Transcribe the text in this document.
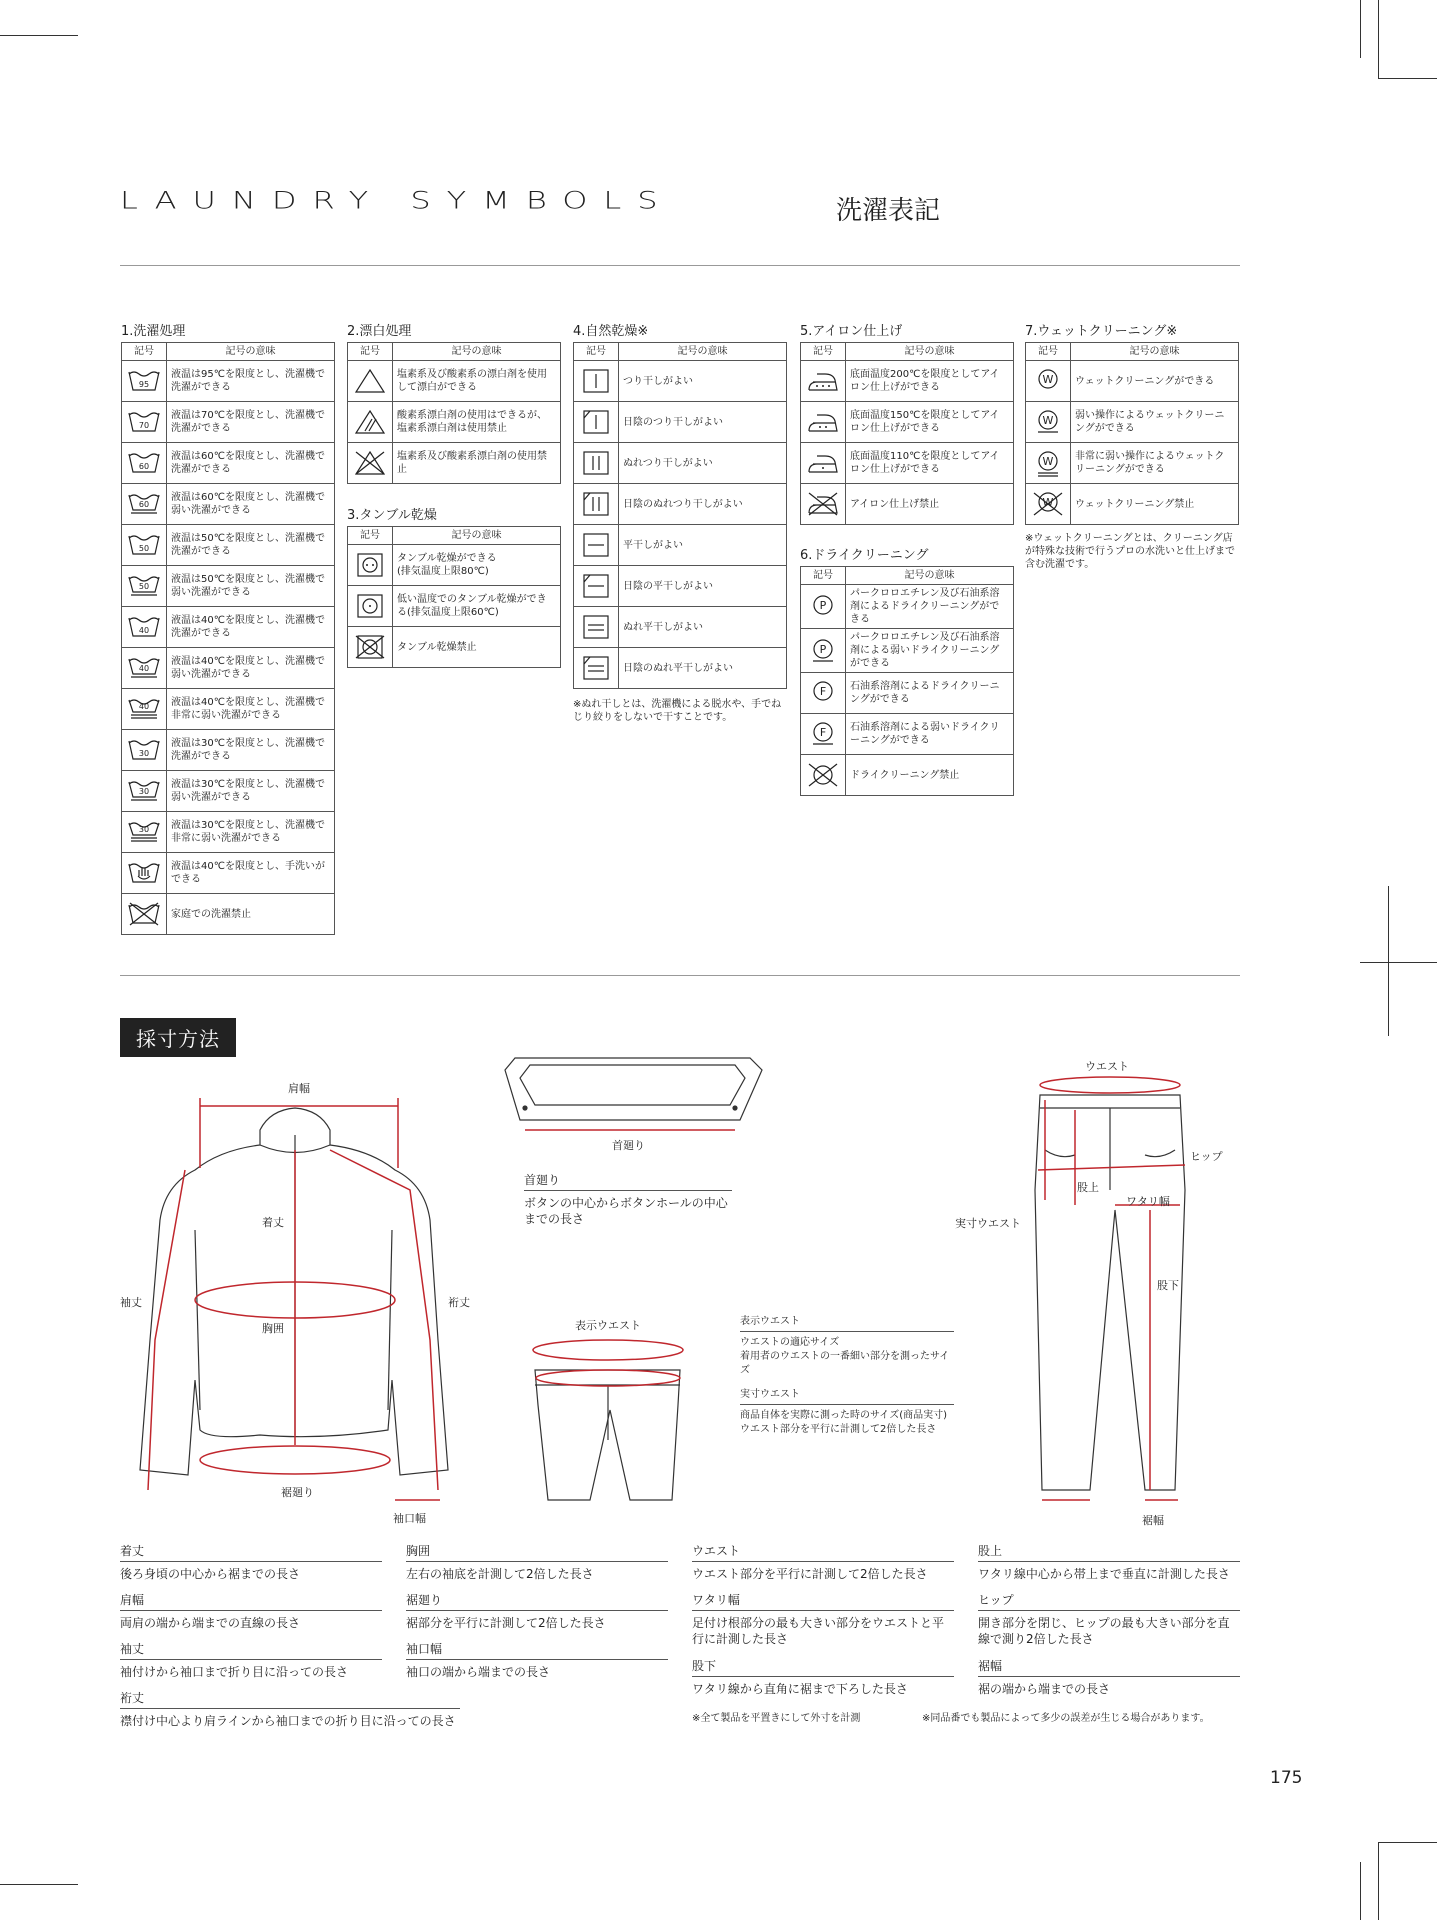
LAUNDRY SYMBOLS	洗濯表記
1.洗濯処理	2.漂白処理
3.タンブル乾燥
4.自然乾燥※	5.アイロン仕上げ
6.ドライクリーニング
7.ウェットクリーニング※
記号	記号の意味

95	液温は95℃を限度とし、洗濯機で洗濯ができる

70	液温は70℃を限度とし、洗濯機で洗濯ができる

60	液温は60℃を限度とし、洗濯機で洗濯ができる

60	液温は60℃を限度とし、洗濯機で弱い洗濯ができる

50	液温は50℃を限度とし、洗濯機で洗濯ができる

50	液温は50℃を限度とし、洗濯機で弱い洗濯ができる

40	液温は40℃を限度とし、洗濯機で洗濯ができる

40	液温は40℃を限度とし、洗濯機で弱い洗濯ができる

40	液温は40℃を限度とし、洗濯機で非常に弱い洗濯ができる

30	液温は30℃を限度とし、洗濯機で洗濯ができる

30	液温は30℃を限度とし、洗濯機で弱い洗濯ができる

30	液温は30℃を限度とし、洗濯機で非常に弱い洗濯ができる

	液温は40℃を限度とし、手洗いができる

	家庭での洗濯禁止
記号	記号の意味

	塩素系及び酸素系の漂白剤を使用して漂白ができる

	酸素系漂白剤の使用はできるが、塩素系漂白剤は使用禁止

	塩素系及び酸素系漂白剤の使用禁止
記号	記号の意味

	タンブル乾燥ができる
(排気温度上限80℃)

	低い温度でのタンブル乾燥ができる(排気温度上限60℃)

	タンブル乾燥禁止
記号	記号の意味

	つり干しがよい

	日陰のつり干しがよい

	ぬれつり干しがよい

	日陰のぬれつり干しがよい

	平干しがよい

	日陰の平干しがよい

	ぬれ平干しがよい

	日陰のぬれ平干しがよい
記号	記号の意味

	底面温度200℃を限度としてアイロン仕上げができる

	底面温度150℃を限度としてアイロン仕上げができる

	底面温度110℃を限度としてアイロン仕上げができる

	アイロン仕上げ禁止
記号	記号の意味

P	パークロロエチレン及び石油系溶剤によるドライクリーニングができる

P	パークロロエチレン及び石油系溶剤による弱いドライクリーニングができる

F	石油系溶剤によるドライクリーニングができる

F	石油系溶剤による弱いドライクリーニングができる

	ドライクリーニング禁止
記号	記号の意味

W	ウェットクリーニングができる

W	弱い操作によるウェットクリーニングができる

W	非常に弱い操作によるウェットクリーニングができる

W	ウェットクリーニング禁止
※ぬれ干しとは、洗濯機による脱水や、手でねじり絞りをしないで干すことです。
※ウェットクリーニングとは、クリーニング店が特殊な技術で行うプロの水洗いと仕上げまで含む洗濯です。
採寸方法
肩幅
着丈
袖丈	裄丈
胸囲
裾廻り
袖口幅
首廻り
首廻り
ボタンの中心からボタンホールの中心までの長さ
表示ウエスト	表示ウエスト
ウエストの適応サイズ
着用者のウエストの一番細い部分を測ったサイズ
実寸ウエスト
商品自体を実際に測った時のサイズ(商品実寸)
ウエスト部分を平行に計測して2倍した長さ
ウエスト
ヒップ
股上
ワタリ幅
実寸ウエスト
股下
裾幅
着丈
後ろ身頃の中心から裾までの長さ
肩幅
両肩の端から端までの直線の長さ
袖丈
袖付けから袖口まで折り目に沿っての長さ
裄丈
襟付け中心より肩ラインから袖口までの折り目に沿っての長さ
胸囲
左右の袖底を計測して2倍した長さ
裾廻り
裾部分を平行に計測して2倍した長さ
袖口幅
袖口の端から端までの長さ
ウエスト
ウエスト部分を平行に計測して2倍した長さ
ワタリ幅
足付け根部分の最も大きい部分をウエストと平行に計測した長さ
股下
ワタリ線から直角に裾まで下ろした長さ
股上
ワタリ線中心から帯上まで垂直に計測した長さ
ヒップ
開き部分を閉じ、ヒップの最も大きい部分を直線で測り2倍した長さ
裾幅
裾の端から端までの長さ
※全て製品を平置きにして外寸を計測	※同品番でも製品によって多少の誤差が生じる場合があります。
175
